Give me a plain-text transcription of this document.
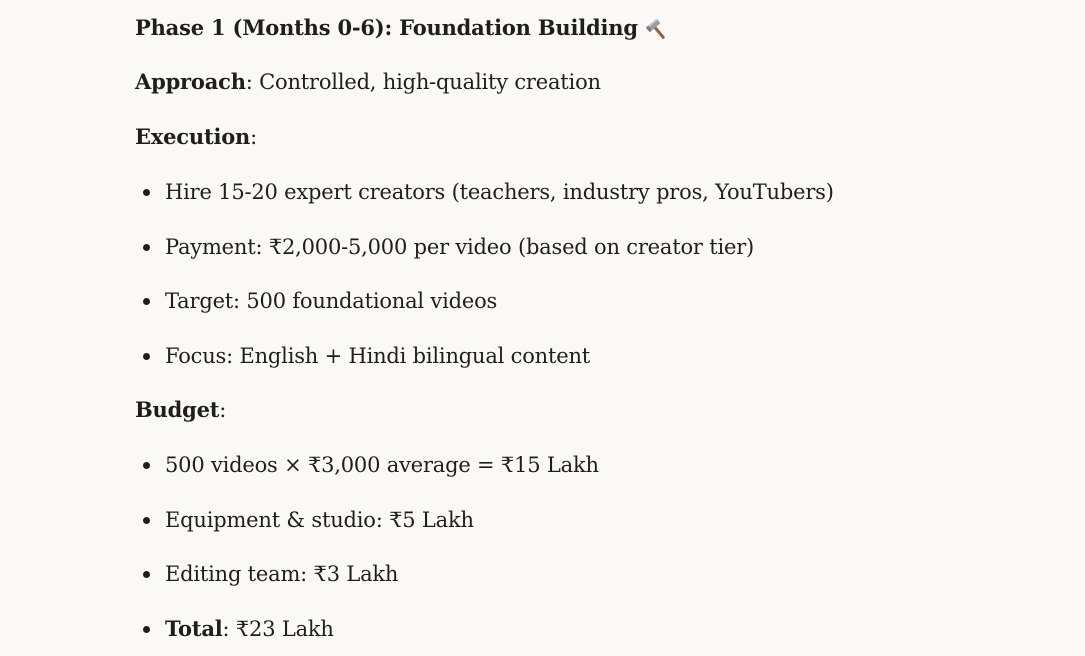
Phase 1 (Months 0-6): Foundation Building

Approach: Controlled, high-quality creation

Execution:

Hire 15-20 expert creators (teachers, industry pros, YouTubers)
Payment: ₹2,000-5,000 per video (based on creator tier)
Target: 500 foundational videos
Focus: English + Hindi bilingual content

Budget:

500 videos × ₹3,000 average = ₹15 Lakh
Equipment & studio: ₹5 Lakh
Editing team: ₹3 Lakh
Total: ₹23 Lakh
